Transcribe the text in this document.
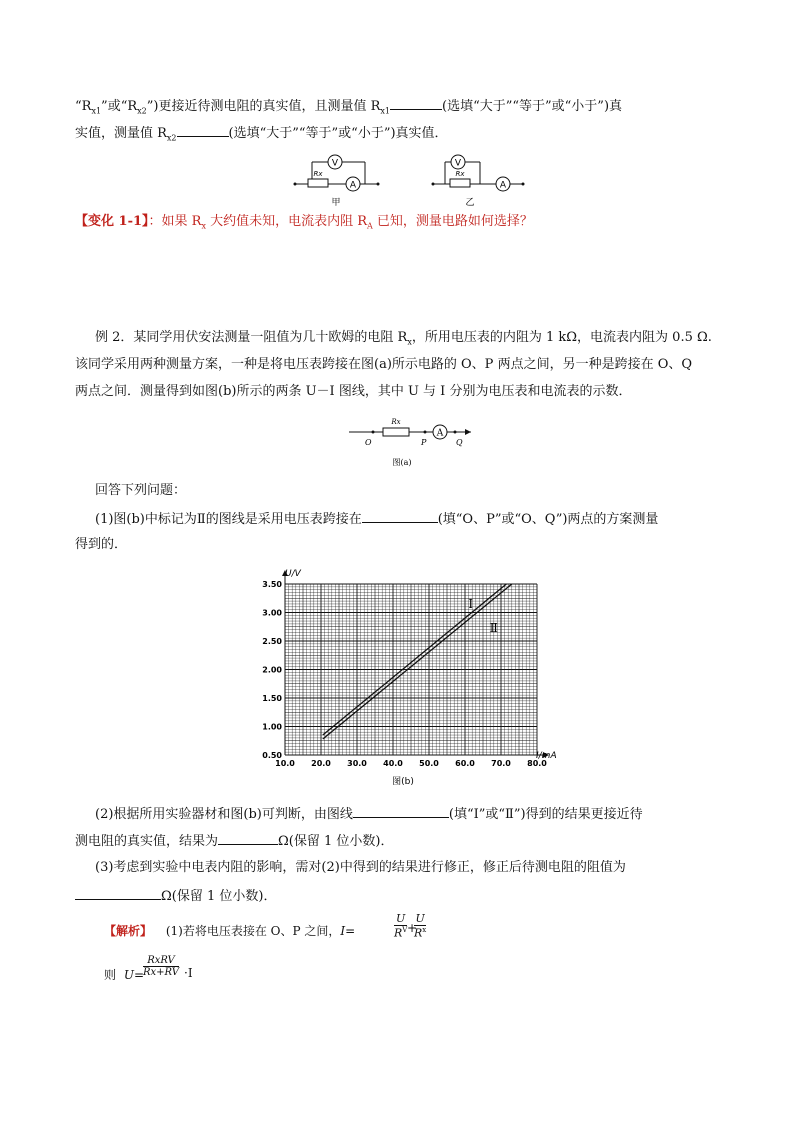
“$R_{x1}$”或“$R_{x2}$”)更接近待测电阻的真实值，且测量值 $R_{x1}$	(选填“大于”“等于”或“小于”)真
实值，测量值 $R_{x2}$	(选填“大于”“等于”或“小于”)真实值．
V
Rx
A
甲
V
Rx
A
乙
【变化 1-1】：如果 $R_x$ 大约值未知，电流表内阻 $R_A$ 已知，测量电路如何选择？
例 2．某同学用伏安法测量一阻值为几十欧姆的电阻 $R_x$，所用电压表的内阻为 1 kΩ，电流表内阻为 0.5 Ω.
该同学采用两种测量方案，一种是将电压表跨接在图(a)所示电路的 O、P 两点之间，另一种是跨接在 O、Q
两点之间．测量得到如图(b)所示的两条 U－I 图线，其中 U 与 I 分别为电压表和电流表的示数．
Rx
O	P
A
Q
图(a)
回答下列问题：
(1)图(b)中标记为Ⅱ的图线是采用电压表跨接在	(填“O、P”或“O、Q”)两点的方案测量
得到的．
10.0 20.0 30.0 40.0 50.0 60.0 70.0 80.0
0.50
1.00
1.50
2.00
2.50
3.00
3.50
Ⅰ
Ⅱ
U/V
I/mA
图(b)
(2)根据所用实验器材和图(b)可判断，由图线	(填“Ⅰ”或“Ⅱ”)得到的结果更接近待
测电阻的真实值，结果为	Ω(保留 1 位小数)．
(3)考虑到实验中电表内阻的影响，需对(2)中得到的结果进行修正，修正后待测电阻的阻值为
Ω(保留 1 位小数)．
【解析】 (1)若将电压表接在 O、P 之间，I=
U
$R^V$ +
U
$R^x$
则 U=
RxRV
Rx+RV ·I
